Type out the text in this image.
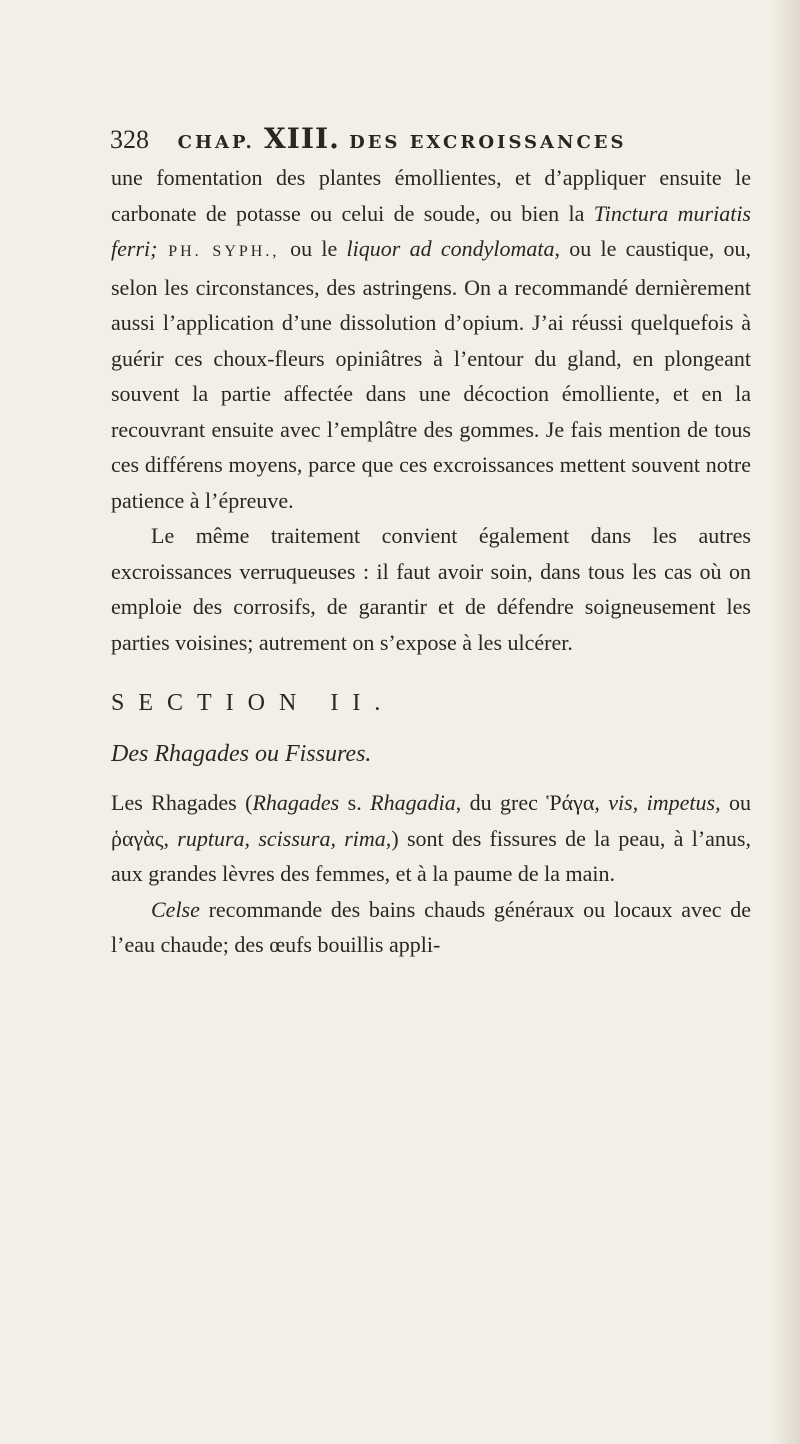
328 CHAP. XIII. DES EXCROISSANCES

une fomentation des plantes émollientes, et d’appliquer ensuite le carbonate de potasse ou celui de soude, ou bien la Tinctura muriatis ferri; PH. SYPH., ou le liquor ad condylomata, ou le caustique, ou, selon les circonstances, des astringens. On a recommandé dernièrement aussi l’application d’une dissolution d’opium. J’ai réussi quelquefois à guérir ces choux-fleurs opiniâtres à l’entour du gland, en plongeant souvent la partie affectée dans une décoction émolliente, et en la recouvrant ensuite avec l’emplâtre des gommes. Je fais mention de tous ces différens moyens, parce que ces excroissances mettent souvent notre patience à l’épreuve.

Le même traitement convient également dans les autres excroissances verruqueuses : il faut avoir soin, dans tous les cas où on emploie des corrosifs, de garantir et de défendre soigneusement les parties voisines; autrement on s’expose à les ulcérer.

SECTION II.

Des Rhagades ou Fissures.

Les Rhagades (Rhagades s. Rhagadia, du grec Ῥάγα, vis, impetus, ou ῥαγὰς, ruptura, scissura, rima,) sont des fissures de la peau, à l’anus, aux grandes lèvres des femmes, et à la paume de la main.

Celse recommande des bains chauds généraux ou locaux avec de l’eau chaude; des œufs bouillis appli-
